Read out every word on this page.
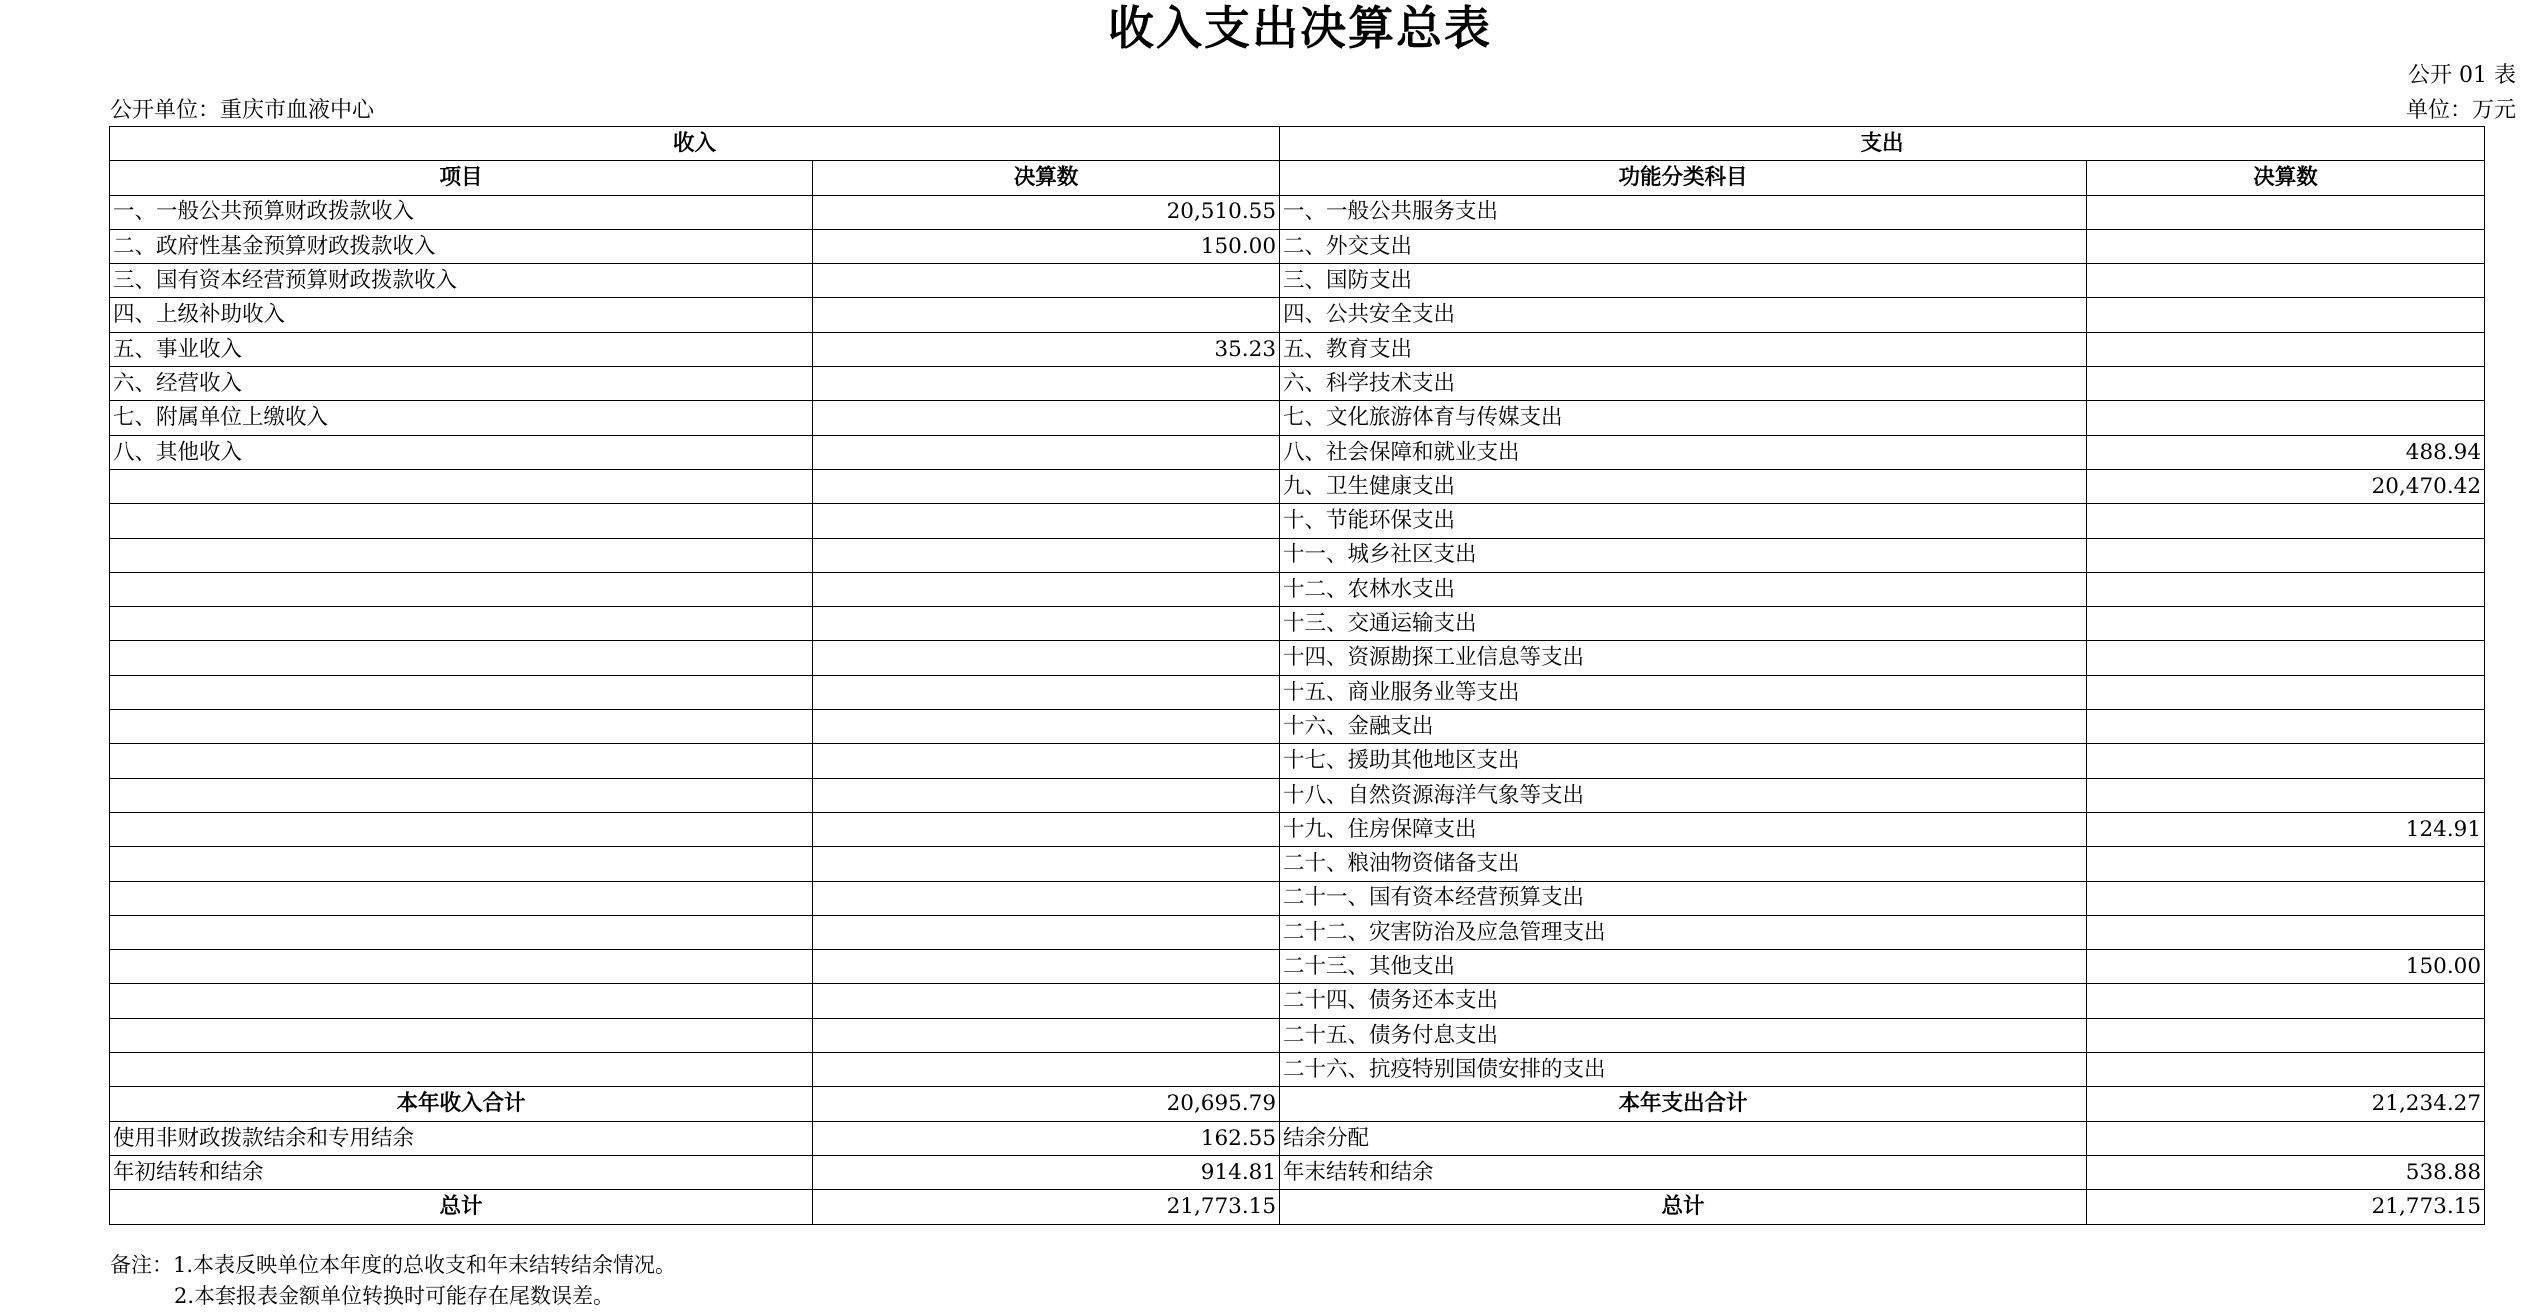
收入支出决算总表
公开 01 表
公开单位：重庆市血液中心	单位：万元
收入		支出	
项目	决算数	功能分类科目	决算数
一、一般公共预算财政拨款收入	20,510.55	一、一般公共服务支出	
二、政府性基金预算财政拨款收入	150.00	二、外交支出	
三、国有资本经营预算财政拨款收入		三、国防支出	
四、上级补助收入		四、公共安全支出	
五、事业收入	35.23	五、教育支出	
六、经营收入		六、科学技术支出	
七、附属单位上缴收入		七、文化旅游体育与传媒支出	
八、其他收入		八、社会保障和就业支出	488.94
		九、卫生健康支出	20,470.42
		十、节能环保支出	
		十一、城乡社区支出	
		十二、农林水支出	
		十三、交通运输支出	
		十四、资源勘探工业信息等支出	
		十五、商业服务业等支出	
		十六、金融支出	
		十七、援助其他地区支出	
		十八、自然资源海洋气象等支出	
		十九、住房保障支出	124.91
		二十、粮油物资储备支出	
		二十一、国有资本经营预算支出	
		二十二、灾害防治及应急管理支出	
		二十三、其他支出	150.00
		二十四、债务还本支出	
		二十五、债务付息支出	
		二十六、抗疫特别国债安排的支出	
本年收入合计	20,695.79	本年支出合计	21,234.27
使用非财政拨款结余和专用结余	162.55	结余分配	
年初结转和结余	914.81	年末结转和结余	538.88
总计	21,773.15	总计	21,773.15
备注：1.本表反映单位本年度的总收支和年末结转结余情况。
2.本套报表金额单位转换时可能存在尾数误差。
